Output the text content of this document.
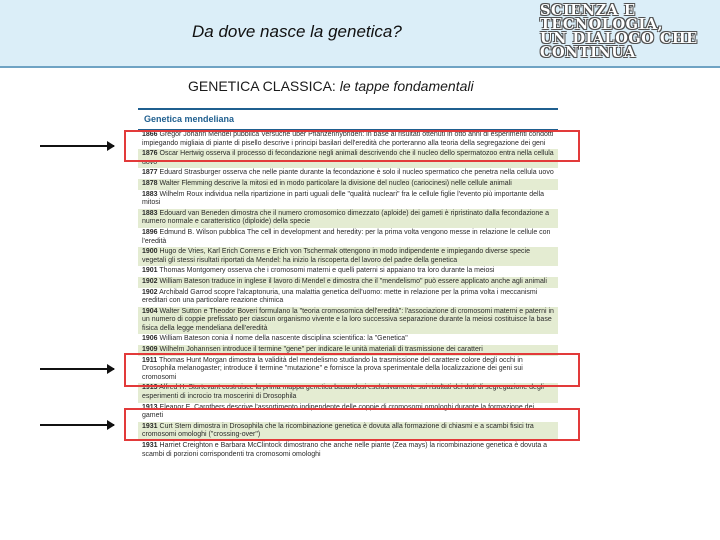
Da dove nasce la genetica?
SCIENZA E
TECNOLOGIA,
UN DIALOGO CHE
CONTINUA
GENETICA CLASSICA: le tappe fondamentali
Genetica mendeliana
1866 Gregor Johann Mendel pubblica Versuche über Pflanzenhybriden: in base ai risultati ottenuti in otto anni di esperimenti condotti impiegando migliaia di piante di pisello descrive i principi basilari dell'eredità che porteranno alla teoria della segregazione dei geni
1876 Oscar Hertwig osserva il processo di fecondazione negli animali descrivendo che il nucleo dello spermatozoo entra nella cellula uovo
1877 Eduard Strasburger osserva che nelle piante durante la fecondazione è solo il nucleo spermatico che penetra nella cellula uovo
1878 Walter Flemming descrive la mitosi ed in modo particolare la divisione del nucleo (cariocinesi) nelle cellule animali
1883 Wilhelm Roux individua nella ripartizione in parti uguali delle "qualità nucleari" fra le cellule figlie l'evento più importante della mitosi
1883 Edouard van Beneden dimostra che il numero cromosomico dimezzato (aploide) dei gameti è ripristinato dalla fecondazione a numero normale e caratteristico (diploide) della specie
1896 Edmund B. Wilson pubblica The cell in development and heredity: per la prima volta vengono messe in relazione le cellule con l'eredità
1900 Hugo de Vries, Karl Erich Correns e Erich von Tschermak ottengono in modo indipendente e impiegando diverse specie vegetali gli stessi risultati riportati da Mendel: ha inizio la riscoperta del lavoro del padre della genetica
1901 Thomas Montgomery osserva che i cromosomi materni e quelli paterni si appaiano tra loro durante la meiosi
1902 William Bateson traduce in inglese il lavoro di Mendel e dimostra che il "mendelismo" può essere applicato anche agli animali
1902 Archibald Garrod scopre l'alcaptonuria, una malattia genetica dell'uomo: mette in relazione per la prima volta i meccanismi ereditari con una particolare reazione chimica
1904 Walter Sutton e Theodor Boveri formulano la "teoria cromosomica dell'eredità": l'associazione di cromosomi materni e paterni in un numero di coppie prefissato per ciascun organismo vivente e la loro successiva separazione durante la meiosi costituisce la base fisica della legge mendeliana dell'eredità
1906 William Bateson conia il nome della nascente disciplina scientifica: la "Genetica"
1909 Wilhelm Johannsen introduce il termine "gene" per indicare le unità materiali di trasmissione dei caratteri
1911 Thomas Hunt Morgan dimostra la validità del mendelismo studiando la trasmissione del carattere colore degli occhi in Drosophila melanogaster; introduce il termine "mutazione" e fornisce la prova sperimentale della localizzazione dei geni sui cromosomi
1913 Alfred H. Sturtevant costruisce la prima mappa genetica basandosi esclusivamente sui risultati dei dati di segregazione degli esperimenti di incrocio tra moscerini di Drosophila
1913 Eleanor E. Carothers descrive l'assortimento indipendente delle coppie di cromosomi omologhi durante la formazione dei gameti
1931 Curt Stern dimostra in Drosophila che la ricombinazione genetica è dovuta alla formazione di chiasmi e a scambi fisici tra cromosomi omologhi ("crossing-over")
1931 Harriet Creighton e Barbara McClintock dimostrano che anche nelle piante (Zea mays) la ricombinazione genetica è dovuta a scambi di porzioni corrispondenti tra cromosomi omologhi
